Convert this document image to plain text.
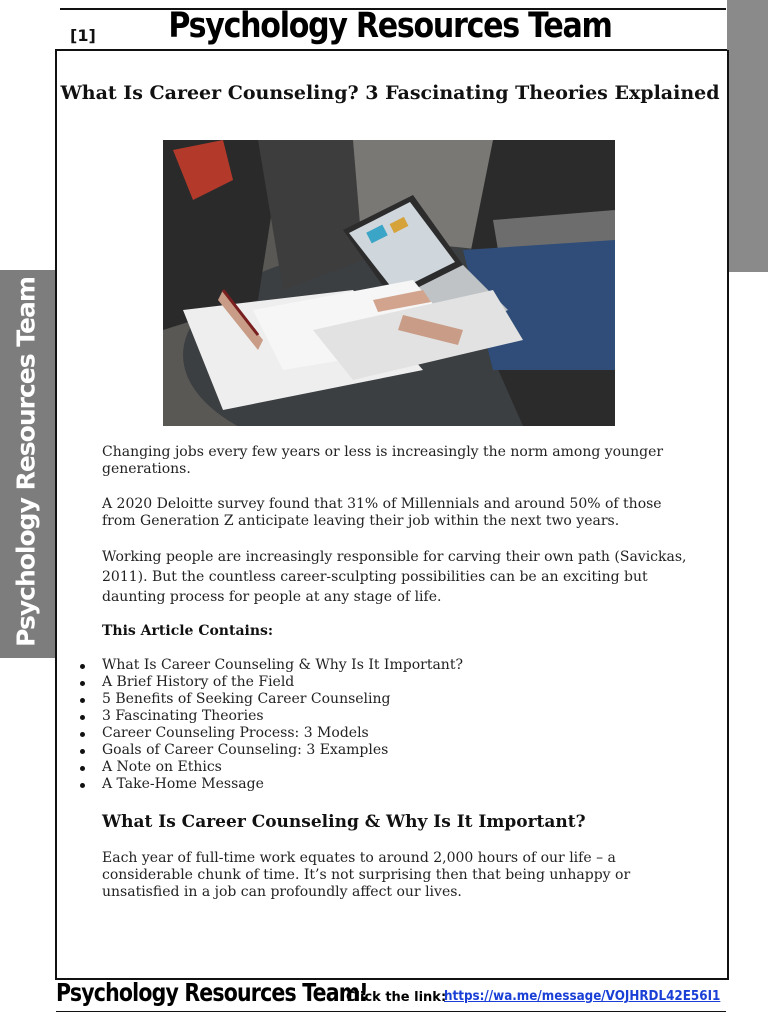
[1]	Psychology Resources Team
Psychology Resources Team
What Is Career Counseling? 3 Fascinating Theories Explained
Changing jobs every few years or less is increasingly the norm among younger generations.
A 2020 Deloitte survey found that 31% of Millennials and around 50% of those from Generation Z anticipate leaving their job within the next two years.
Working people are increasingly responsible for carving their own path (Savickas, 2011). But the countless career-sculpting possibilities can be an exciting but daunting process for people at any stage of life.
This Article Contains:
What Is Career Counseling & Why Is It Important?
A Brief History of the Field
5 Benefits of Seeking Career Counseling
3 Fascinating Theories
Career Counseling Process: 3 Models
Goals of Career Counseling: 3 Examples
A Note on Ethics
A Take-Home Message
What Is Career Counseling & Why Is It Important?
Each year of full-time work equates to around 2,000 hours of our life – a considerable chunk of time. It’s not surprising then that being unhappy or unsatisfied in a job can profoundly affect our lives.
Psychology Resources Team!
Click the link:
https://wa.me/message/VOJHRDL42E56I1
